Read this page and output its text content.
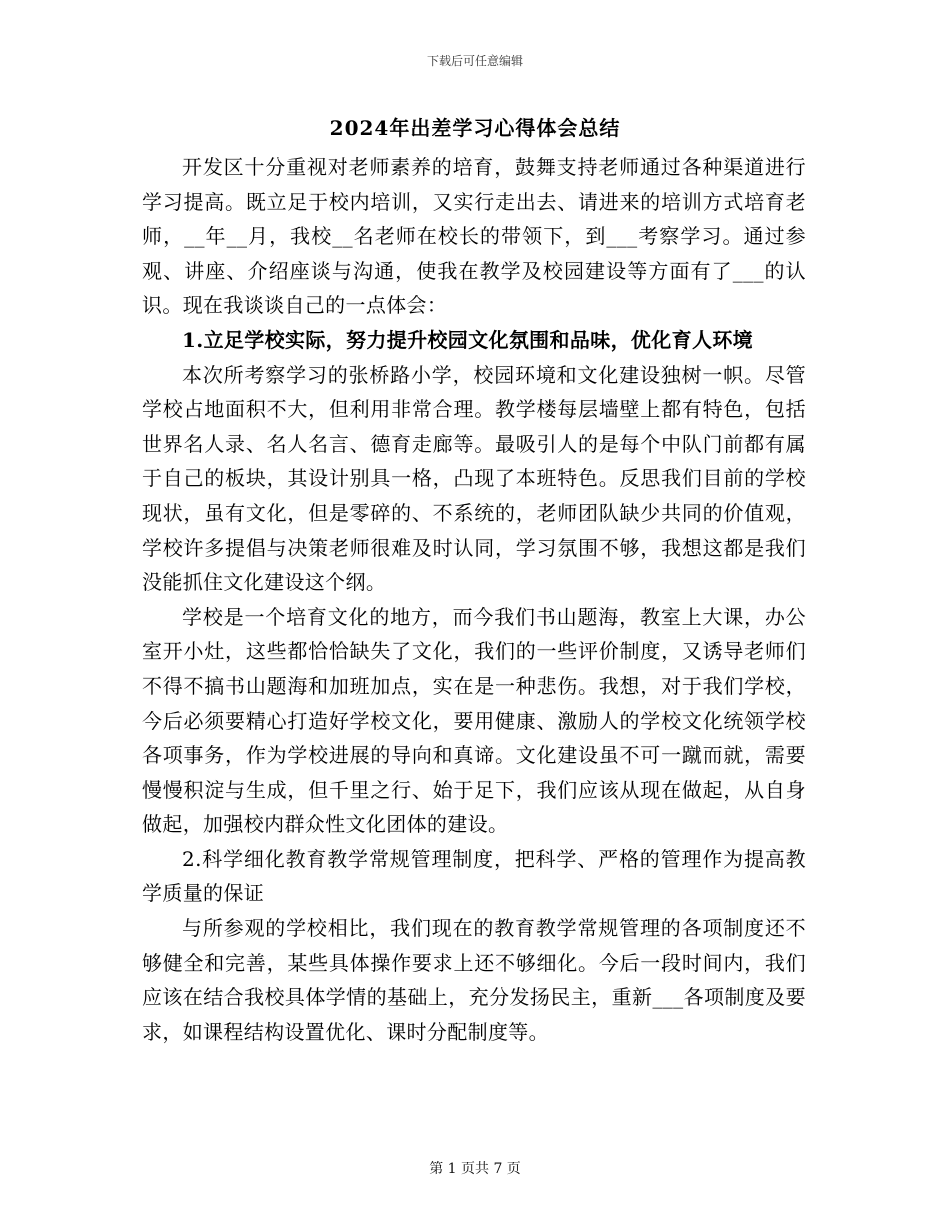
下载后可任意编辑
2024年出差学习心得体会总结

开发区十分重视对老师素养的培育，鼓舞支持老师通过各种渠道进行学习提高。既立足于校内培训，又实行走出去、请进来的培训方式培育老师，__年__月，我校__名老师在校长的带领下，到___考察学习。通过参观、讲座、介绍座谈与沟通，使我在教学及校园建设等方面有了___的认识。现在我谈谈自己的一点体会：

1.立足学校实际，努力提升校园文化氛围和品味，优化育人环境

本次所考察学习的张桥路小学，校园环境和文化建设独树一帜。尽管学校占地面积不大，但利用非常合理。教学楼每层墙壁上都有特色，包括世界名人录、名人名言、德育走廊等。最吸引人的是每个中队门前都有属于自己的板块，其设计别具一格，凸现了本班特色。反思我们目前的学校现状，虽有文化，但是零碎的、不系统的，老师团队缺少共同的价值观，学校许多提倡与决策老师很难及时认同，学习氛围不够，我想这都是我们没能抓住文化建设这个纲。

学校是一个培育文化的地方，而今我们书山题海，教室上大课，办公室开小灶，这些都恰恰缺失了文化，我们的一些评价制度，又诱导老师们不得不搞书山题海和加班加点，实在是一种悲伤。我想，对于我们学校，今后必须要精心打造好学校文化，要用健康、激励人的学校文化统领学校各项事务，作为学校进展的导向和真谛。文化建设虽不可一蹴而就，需要慢慢积淀与生成，但千里之行、始于足下，我们应该从现在做起，从自身做起，加强校内群众性文化团体的建设。

2.科学细化教育教学常规管理制度，把科学、严格的管理作为提高教学质量的保证

与所参观的学校相比，我们现在的教育教学常规管理的各项制度还不够健全和完善，某些具体操作要求上还不够细化。今后一段时间内，我们应该在结合我校具体学情的基础上，充分发扬民主，重新___各项制度及要求，如课程结构设置优化、课时分配制度等。

第 1 页共 7 页
